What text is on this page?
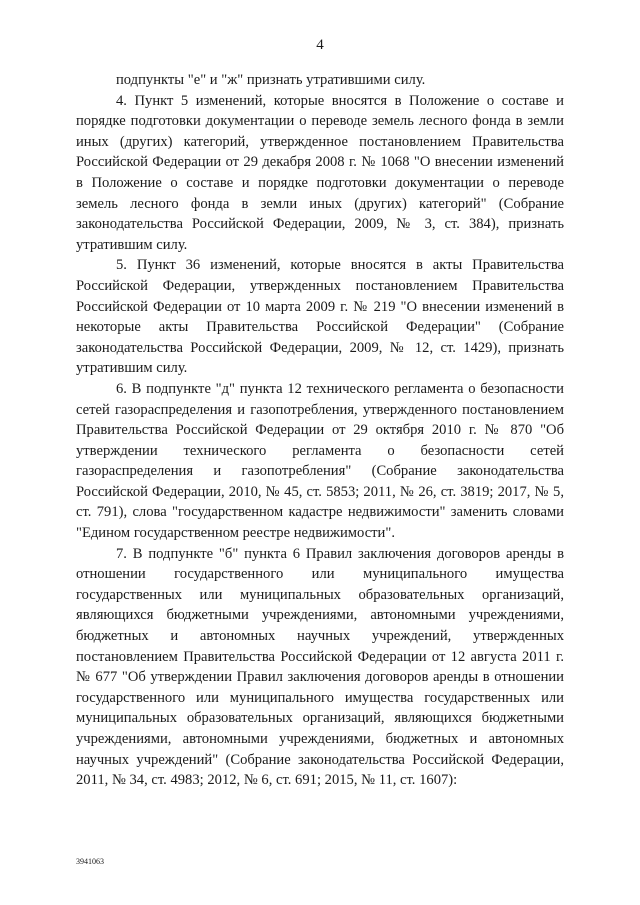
4

подпункты "е" и "ж" признать утратившими силу.

4. Пункт 5 изменений, которые вносятся в Положение о составе и порядке подготовки документации о переводе земель лесного фонда в земли иных (других) категорий, утвержденное постановлением Правительства Российской Федерации от 29 декабря 2008 г. № 1068 "О внесении изменений в Положение о составе и порядке подготовки документации о переводе земель лесного фонда в земли иных (других) категорий" (Собрание законодательства Российской Федерации, 2009, № 3, ст. 384), признать утратившим силу.

5. Пункт 36 изменений, которые вносятся в акты Правительства Российской Федерации, утвержденных постановлением Правительства Российской Федерации от 10 марта 2009 г. № 219 "О внесении изменений в некоторые акты Правительства Российской Федерации" (Собрание законодательства Российской Федерации, 2009, № 12, ст. 1429), признать утратившим силу.

6. В подпункте "д" пункта 12 технического регламента о безопасности сетей газораспределения и газопотребления, утвержденного постановлением Правительства Российской Федерации от 29 октября 2010 г. № 870 "Об утверждении технического регламента о безопасности сетей газораспределения и газопотребления" (Собрание законодательства Российской Федерации, 2010, № 45, ст. 5853; 2011, № 26, ст. 3819; 2017, № 5, ст. 791), слова "государственном кадастре недвижимости" заменить словами "Едином государственном реестре недвижимости".

7. В подпункте "б" пункта 6 Правил заключения договоров аренды в отношении государственного или муниципального имущества государственных или муниципальных образовательных организаций, являющихся бюджетными учреждениями, автономными учреждениями, бюджетных и автономных научных учреждений, утвержденных постановлением Правительства Российской Федерации от 12 августа 2011 г. № 677 "Об утверждении Правил заключения договоров аренды в отношении государственного или муниципального имущества государственных или муниципальных образовательных организаций, являющихся бюджетными учреждениями, автономными учреждениями, бюджетных и автономных научных учреждений" (Собрание законодательства Российской Федерации, 2011, № 34, ст. 4983; 2012, № 6, ст. 691; 2015, № 11, ст. 1607):

3941063
